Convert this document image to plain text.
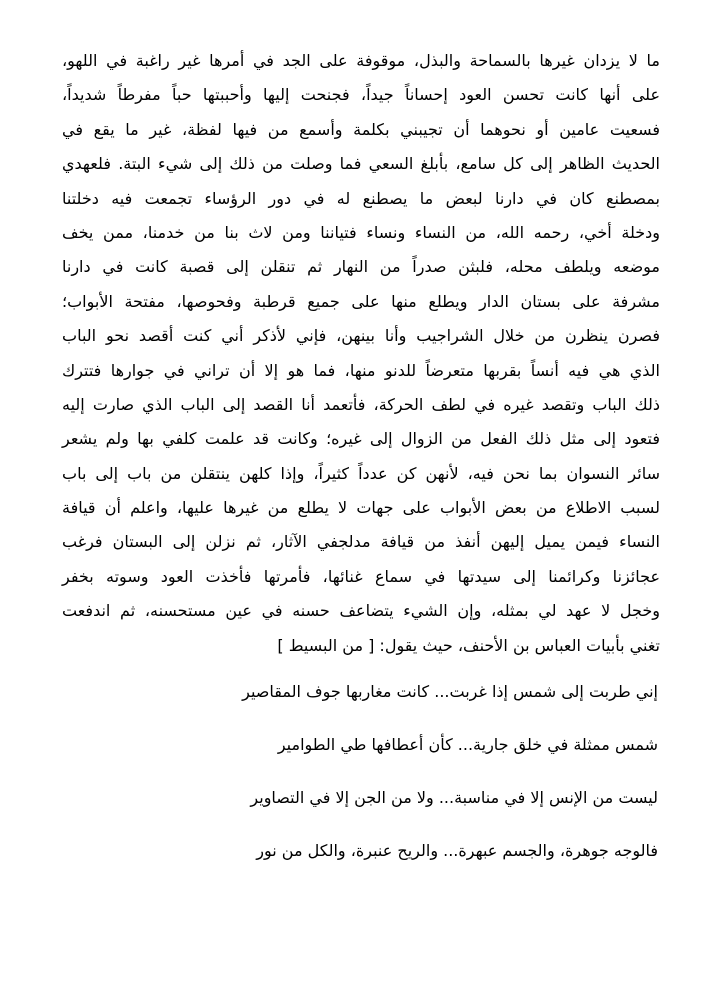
ما لا يزدان غيرها بالسماحة والبذل، موقوفة على الجد في أمرها غير راغبة في اللهو،
على أنها كانت تحسن العود إحساناً جيداً، فجنحت إليها وأحببتها حباً مفرطاً شديداً،
فسعيت عامين أو نحوهما أن تجيبني بكلمة وأسمع من فيها لفظة، غير ما يقع في
الحديث الظاهر إلى كل سامع، بأبلغ السعي فما وصلت من ذلك إلى شيء البتة. فلعهدي
بمصطنع كان في دارنا لبعض ما يصطنع له في دور الرؤساء تجمعت فيه دخلتنا
ودخلة أخي، رحمه الله، من النساء ونساء فتياننا ومن لاث بنا من خدمنا، ممن يخف
موضعه ويلطف محله، فلبثن صدراً من النهار ثم تنقلن إلى قصبة كانت في دارنا
مشرفة على بستان الدار ويطلع منها على جميع قرطبة وفحوصها، مفتحة الأبواب؛
فصرن ينظرن من خلال الشراجيب وأنا بينهن، فإني لأذكر أني كنت أقصد نحو الباب
الذي هي فيه أنساً بقربها متعرضاً للدنو منها، فما هو إلا أن تراني في جوارها فتترك
ذلك الباب وتقصد غيره في لطف الحركة، فأتعمد أنا القصد إلى الباب الذي صارت إليه
فتعود إلى مثل ذلك الفعل من الزوال إلى غيره؛ وكانت قد علمت كلفي بها ولم يشعر
سائر النسوان بما نحن فيه، لأنهن كن عدداً كثيراً، وإذا كلهن ينتقلن من باب إلى باب
لسبب الاطلاع من بعض الأبواب على جهات لا يطلع من غيرها عليها، واعلم أن قيافة
النساء فيمن يميل إليهن أنفذ من قيافة مدلجفي الآثار، ثم نزلن إلى البستان فرغب
عجائزنا وكرائمنا إلى سيدتها في سماع غنائها، فأمرتها فأخذت العود وسوته بخفر
وخجل لا عهد لي بمثله، وإن الشيء يتضاعف حسنه في عين مستحسنه، ثم اندفعت
تغني بأبيات العباس بن الأحنف، حيث يقول: [ من البسيط ]
إني طربت إلى شمس إذا غربت... كانت مغاربها جوف المقاصير
شمس ممثلة في خلق جارية... كأن أعطافها طي الطوامير
ليست من الإنس إلا في مناسبة... ولا من الجن إلا في التصاوير
فالوجه جوهرة، والجسم عبهرة... والريح عنبرة، والكل من نور
